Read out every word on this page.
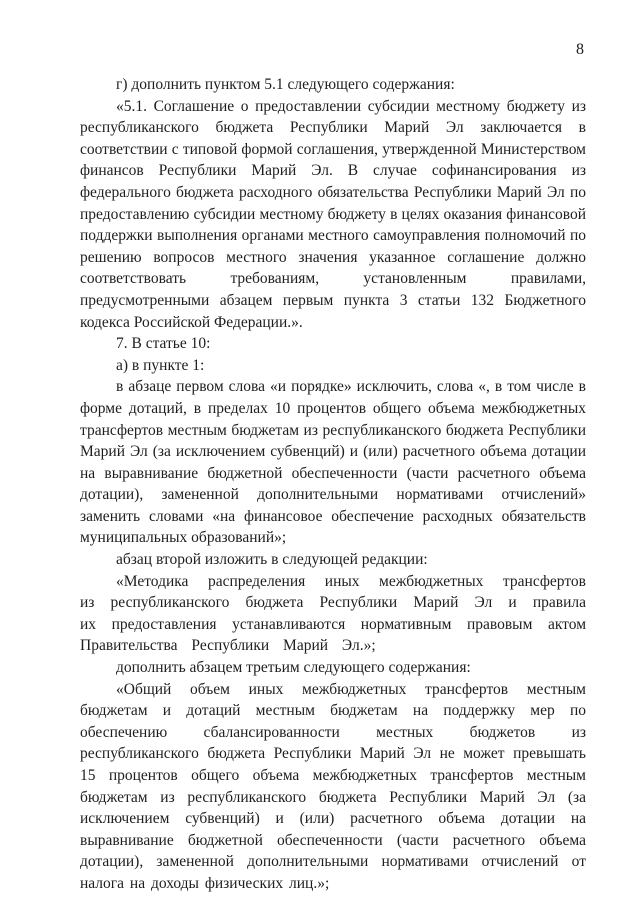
8

г) дополнить пунктом 5.1 следующего содержания:

«5.1. Соглашение о предоставлении субсидии местному бюджету из республиканского бюджета Республики Марий Эл заключается в соответствии с типовой формой соглашения, утвержденной Министерством финансов Республики Марий Эл. В случае софинансирования из федерального бюджета расходного обязательства Республики Марий Эл по предоставлению субсидии местному бюджету в целях оказания финансовой поддержки выполнения органами местного самоуправления полномочий по решению вопросов местного значения указанное соглашение должно соответствовать требованиям, установленным правилами, предусмотренными абзацем первым пункта 3 статьи 132 Бюджетного кодекса Российской Федерации.».

7. В статье 10:

а) в пункте 1:

в абзаце первом слова «и порядке» исключить, слова «, в том числе в форме дотаций, в пределах 10 процентов общего объема межбюджетных трансфертов местным бюджетам из республиканского бюджета Республики Марий Эл (за исключением субвенций) и (или) расчетного объема дотации на выравнивание бюджетной обеспеченности (части расчетного объема дотации), замененной дополнительными нормативами отчислений» заменить словами «на финансовое обеспечение расходных обязательств муниципальных образований»;

абзац второй изложить в следующей редакции:

«Методика распределения иных межбюджетных трансфертов из республиканского бюджета Республики Марий Эл и правила их предоставления устанавливаются нормативным правовым актом Правительства Республики Марий Эл.»;

дополнить абзацем третьим следующего содержания:

«Общий объем иных межбюджетных трансфертов местным бюджетам и дотаций местным бюджетам на поддержку мер по обеспечению сбалансированности местных бюджетов из республиканского бюджета Республики Марий Эл не может превышать 15 процентов общего объема межбюджетных трансфертов местным бюджетам из республиканского бюджета Республики Марий Эл (за исключением субвенций) и (или) расчетного объема дотации на выравнивание бюджетной обеспеченности (части расчетного объема дотации), замененной дополнительными нормативами отчислений от налога на доходы физических лиц.»;
